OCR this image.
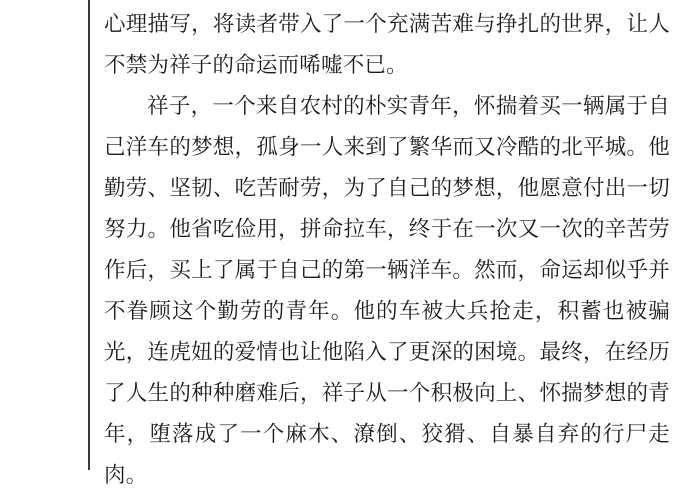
心理描写，将读者带入了一个充满苦难与挣扎的世界，让人不禁为祥子的命运而唏嘘不已。

祥子，一个来自农村的朴实青年，怀揣着买一辆属于自己洋车的梦想，孤身一人来到了繁华而又冷酷的北平城。他勤劳、坚韧、吃苦耐劳，为了自己的梦想，他愿意付出一切努力。他省吃俭用，拼命拉车，终于在一次又一次的辛苦劳作后，买上了属于自己的第一辆洋车。然而，命运却似乎并不眷顾这个勤劳的青年。他的车被大兵抢走，积蓄也被骗光，连虎妞的爱情也让他陷入了更深的困境。最终，在经历了人生的种种磨难后，祥子从一个积极向上、怀揣梦想的青年，堕落成了一个麻木、潦倒、狡猾、自暴自弃的行尸走肉。
